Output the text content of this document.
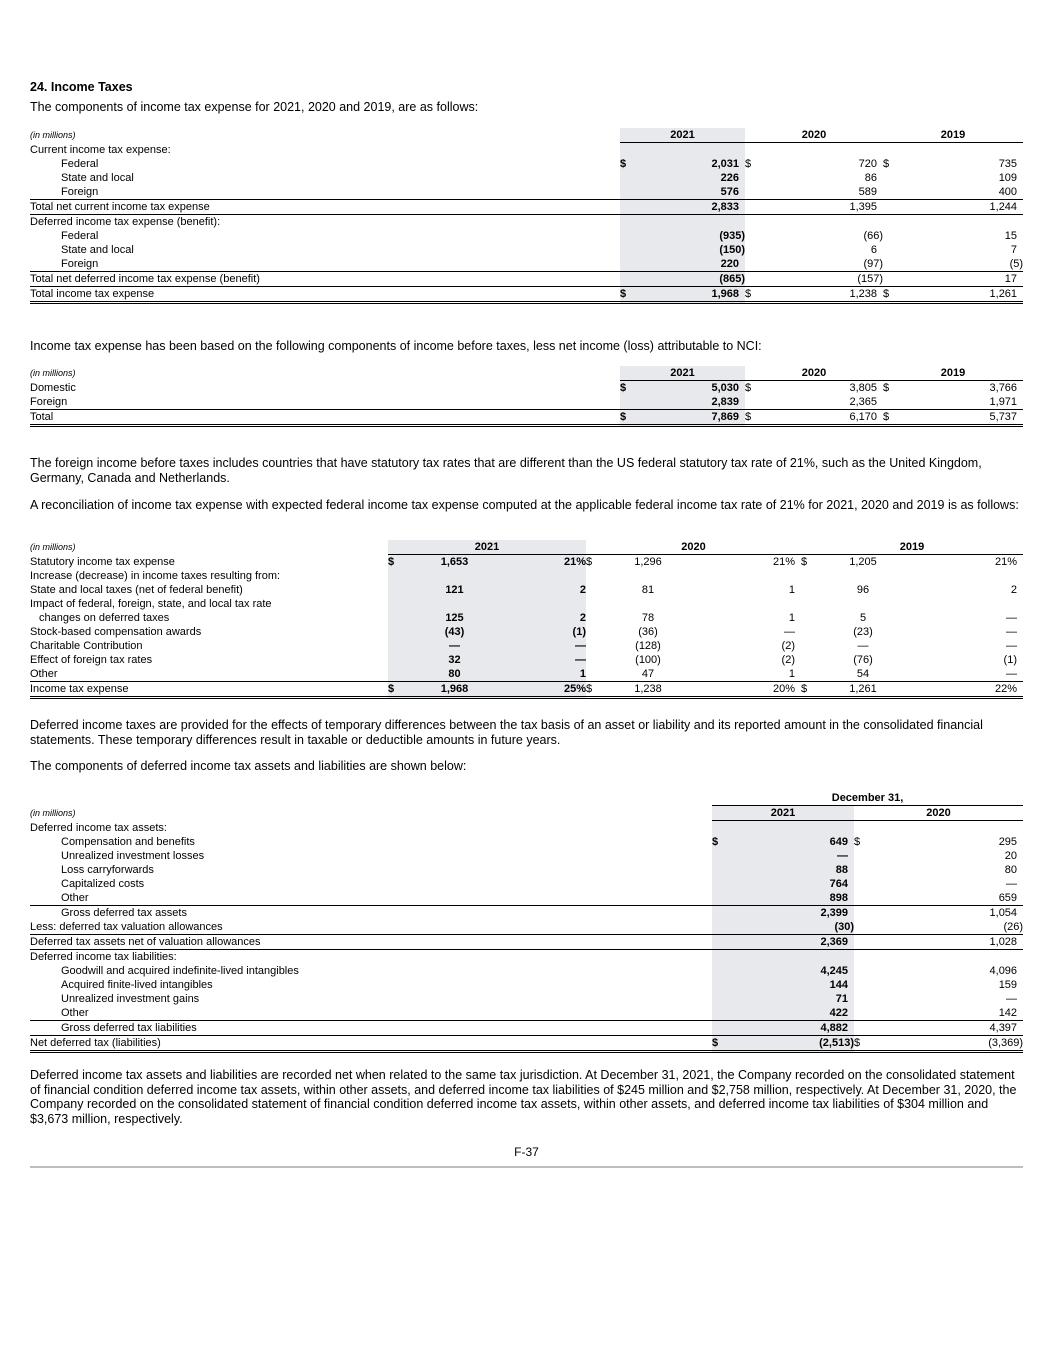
24. Income Taxes
The components of income tax expense for 2021, 2020 and 2019, are as follows:
(in millions)	2021		2020		2019	
Current income tax expense:						
Federal	$	2,031	$	720	$	735
State and local		226		86		109
Foreign		576		589		400
Total net current income tax expense		2,833		1,395		1,244
Deferred income tax expense (benefit):						
Federal		(935)		(66)		15
State and local		(150)		6		7
Foreign		220		(97)		(5)
Total net deferred income tax expense (benefit)		(865)		(157)		17
Total income tax expense	$	1,968	$	1,238	$	1,261
Income tax expense has been based on the following components of income before taxes, less net income (loss) attributable to NCI:
(in millions)	2021		2020		2019	
Domestic	$	5,030	$	3,805	$	3,766
Foreign		2,839		2,365		1,971
Total	$	7,869	$	6,170	$	5,737
The foreign income before taxes includes countries that have statutory tax rates that are different than the US federal statutory tax rate of 21%, such as the United Kingdom, Germany, Canada and Netherlands.
A reconciliation of income tax expense with expected federal income tax expense computed at the applicable federal income tax rate of 21% for 2021, 2020 and 2019 is as follows:
(in millions)	2021	2020	2019
Statutory income tax expense	$	1,653	21%	$	1,296	21%	$	1,205	21%
Increase (decrease) in income taxes resulting from:									
State and local taxes (net of federal benefit)		121	2		81	1		96	2
Impact of federal, foreign, state, and local tax rate									
changes on deferred taxes		125	2		78	1		5	—
Stock-based compensation awards		(43)	(1)		(36)	—		(23)	—
Charitable Contribution		—	—		(128)	(2)		—	—
Effect of foreign tax rates		32	—		(100)	(2)		(76)	(1)
Other		80	1		47	1		54	—
Income tax expense	$	1,968	25%	$	1,238	20%	$	1,261	22%
Deferred income taxes are provided for the effects of temporary differences between the tax basis of an asset or liability and its reported amount in the consolidated financial statements. These temporary differences result in taxable or deductible amounts in future years.
The components of deferred income tax assets and liabilities are shown below:
	December 31,			
(in millions)	2021		2020	
Deferred income tax assets:				
Compensation and benefits	$	649	$	295
Unrealized investment losses		—		20
Loss carryforwards		88		80
Capitalized costs		764		—
Other		898		659
Gross deferred tax assets		2,399		1,054
Less: deferred tax valuation allowances		(30)		(26)
Deferred tax assets net of valuation allowances		2,369		1,028
Deferred income tax liabilities:				
Goodwill and acquired indefinite-lived intangibles		4,245		4,096
Acquired finite-lived intangibles		144		159
Unrealized investment gains		71		—
Other		422		142
Gross deferred tax liabilities		4,882		4,397
Net deferred tax (liabilities)	$	(2,513)	$	(3,369)
Deferred income tax assets and liabilities are recorded net when related to the same tax jurisdiction. At December 31, 2021, the Company recorded on the consolidated statement of financial condition deferred income tax assets, within other assets, and deferred income tax liabilities of $245 million and $2,758 million, respectively. At December 31, 2020, the Company recorded on the consolidated statement of financial condition deferred income tax assets, within other assets, and deferred income tax liabilities of $304 million and $3,673 million, respectively.
F-37
